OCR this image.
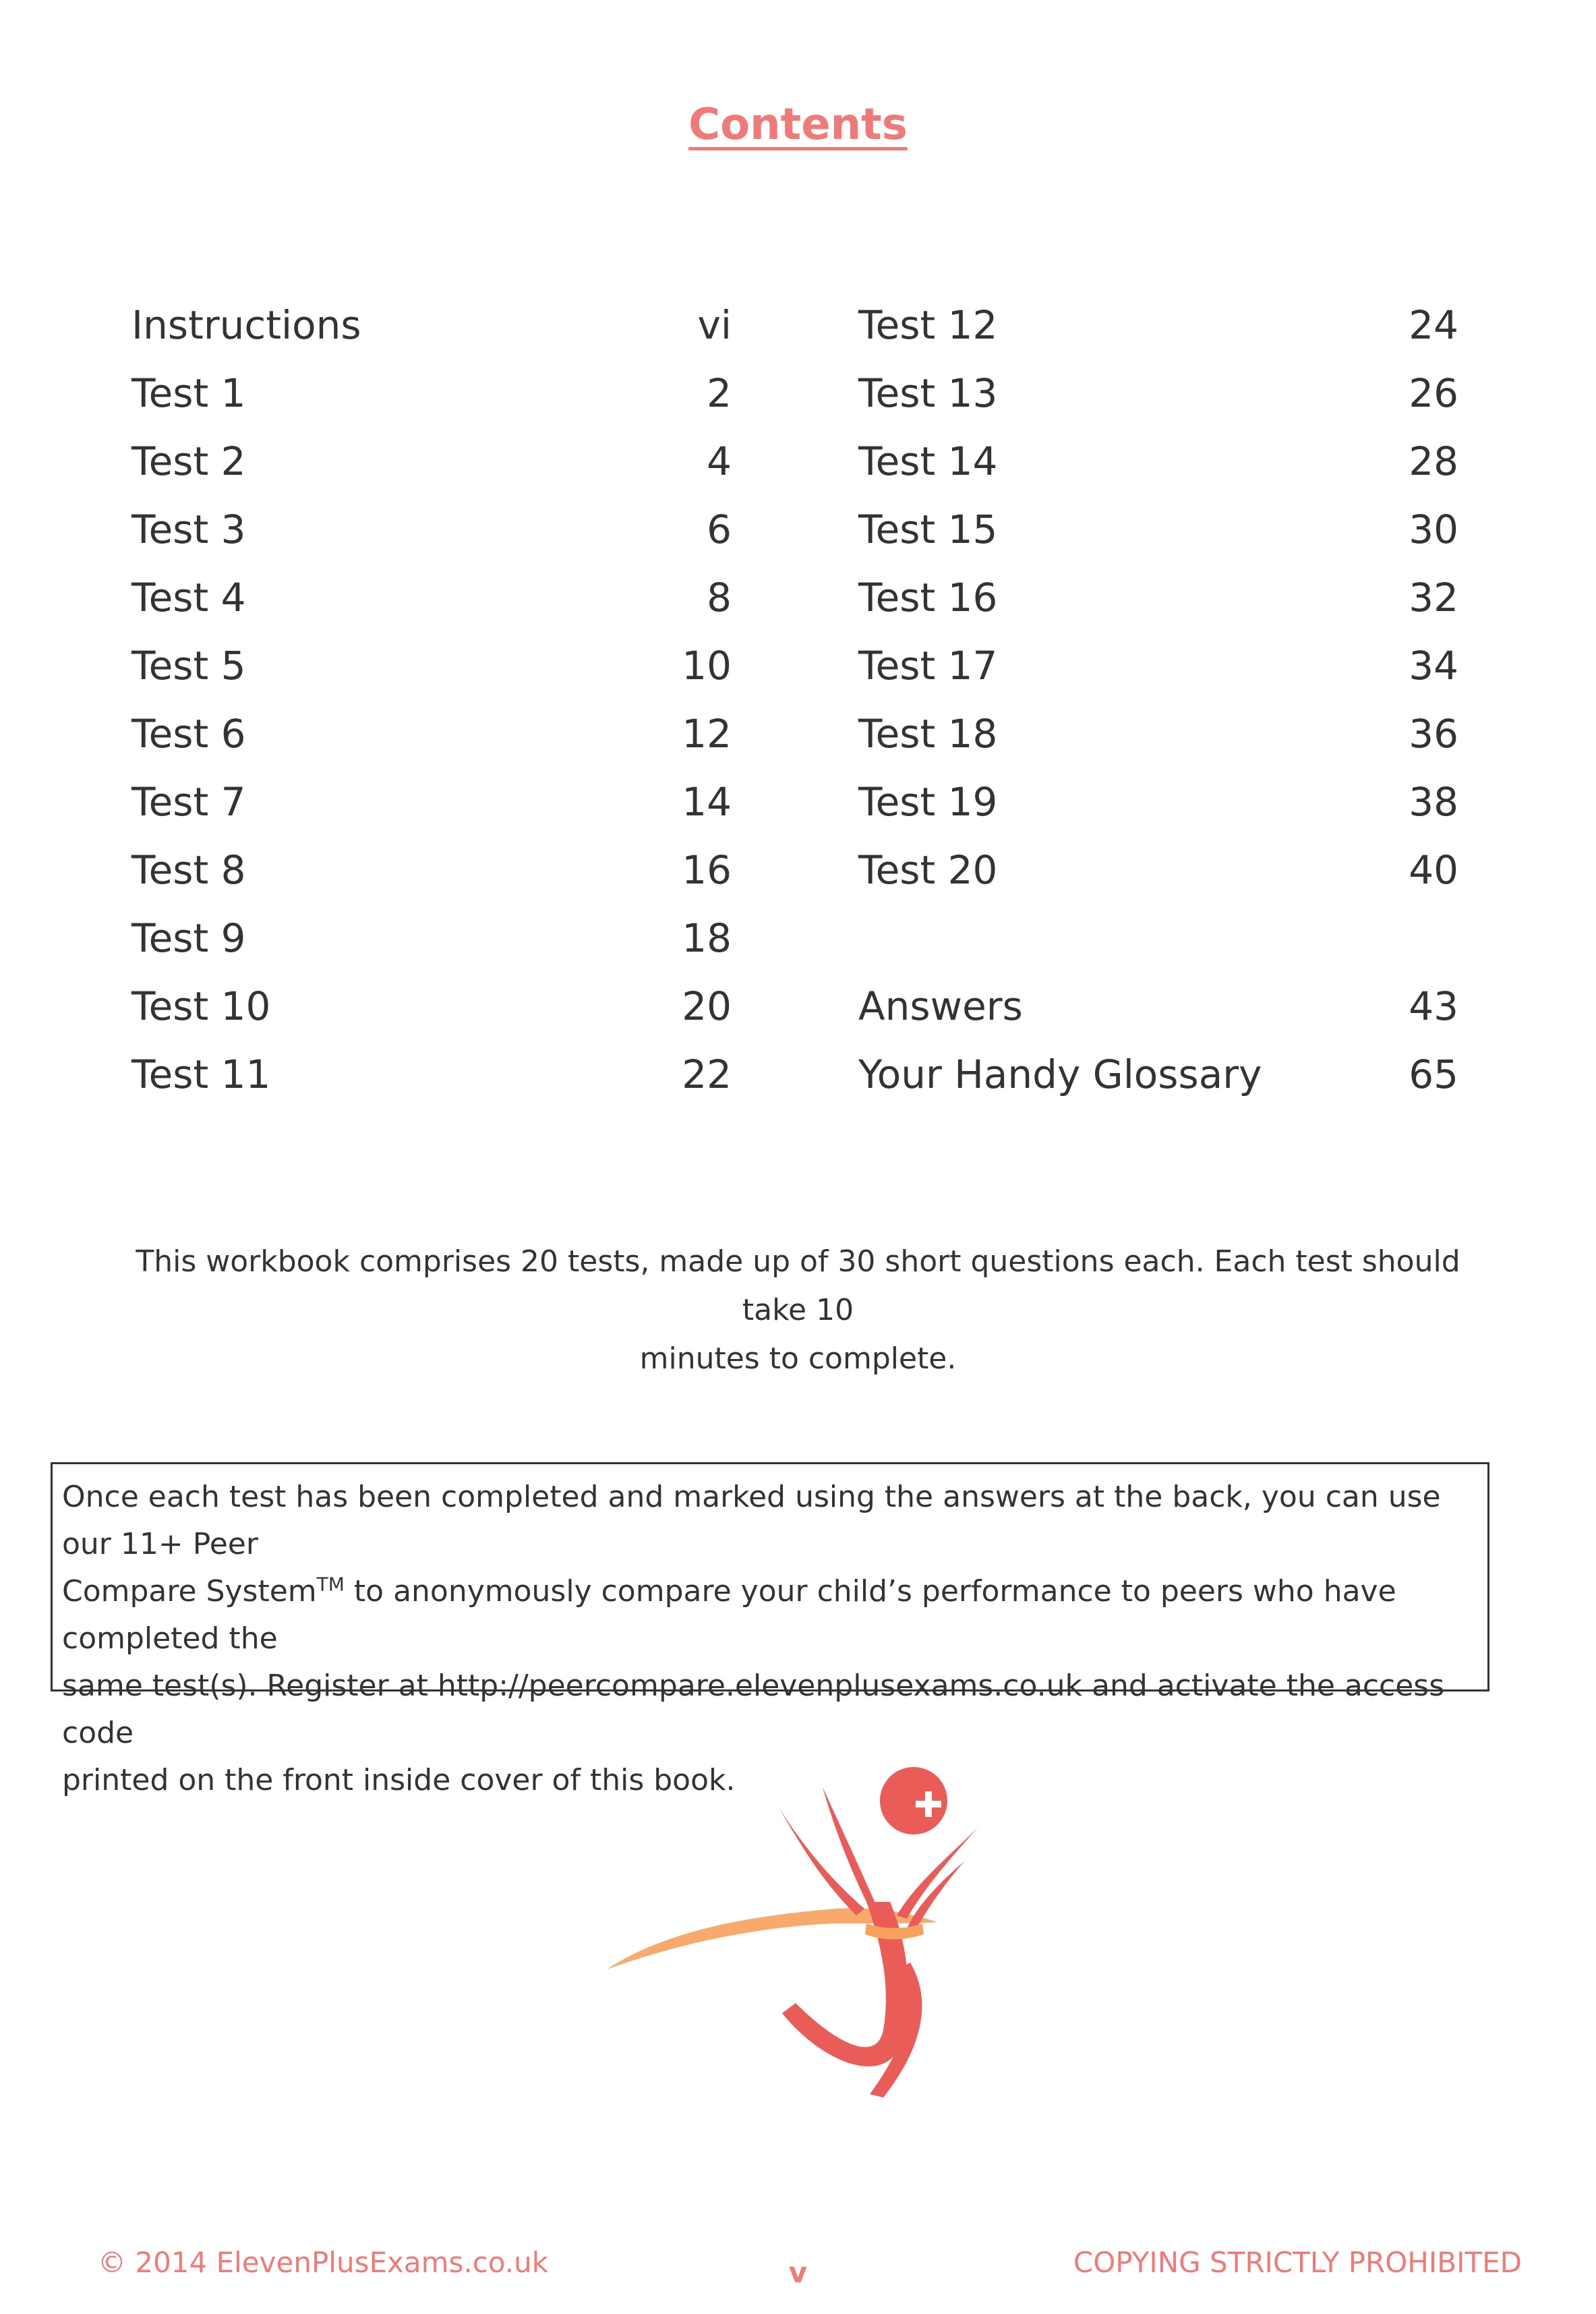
Contents
Instructions	vi
Test 1	2
Test 2	4
Test 3	6
Test 4	8
Test 5	10
Test 6	12
Test 7	14
Test 8	16
Test 9	18
Test 10	20
Test 11	22
Test 12	24
Test 13	26
Test 14	28
Test 15	30
Test 16	32
Test 17	34
Test 18	36
Test 19	38
Test 20	40
Answers	43
Your Handy Glossary	65
This workbook comprises 20 tests, made up of 30 short questions each. Each test should take 10
minutes to complete.
Once each test has been completed and marked using the answers at the back, you can use our 11+ Peer
Compare System™ to anonymously compare your child’s performance to peers who have completed the
same test(s). Register at http://peercompare.elevenplusexams.co.uk and activate the access code
printed on the front inside cover of this book.
© 2014 ElevenPlusExams.co.uk	v	COPYING STRICTLY PROHIBITED
